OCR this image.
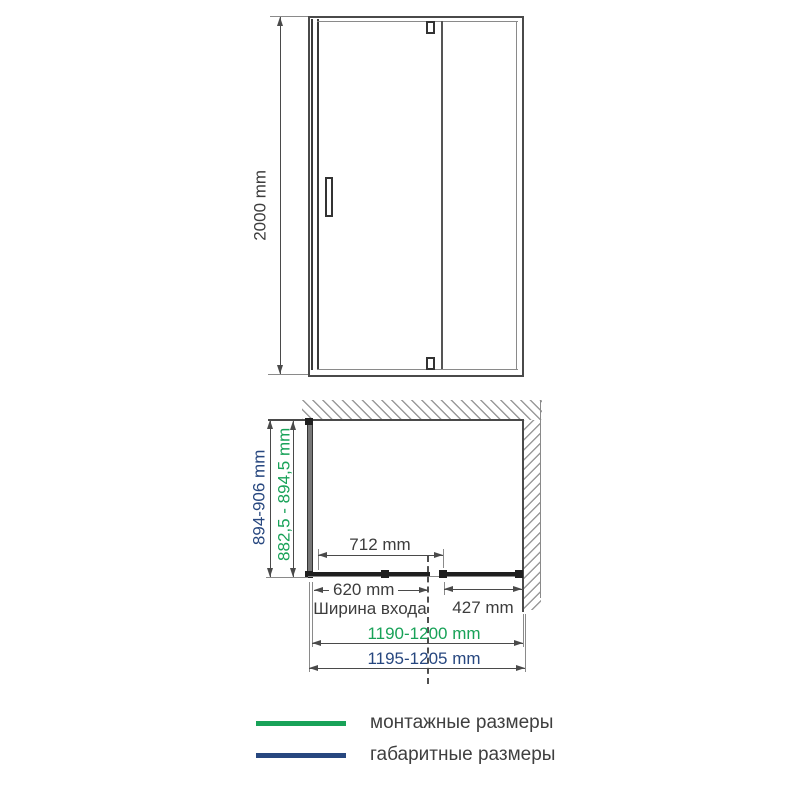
2000 mm
712 mm
620 mm
Ширина входа	427 mm
1190-1200 mm
1195-1205 mm
894-906 mm 882,5 - 894,5 mm
монтажные размеры
габаритные размеры
